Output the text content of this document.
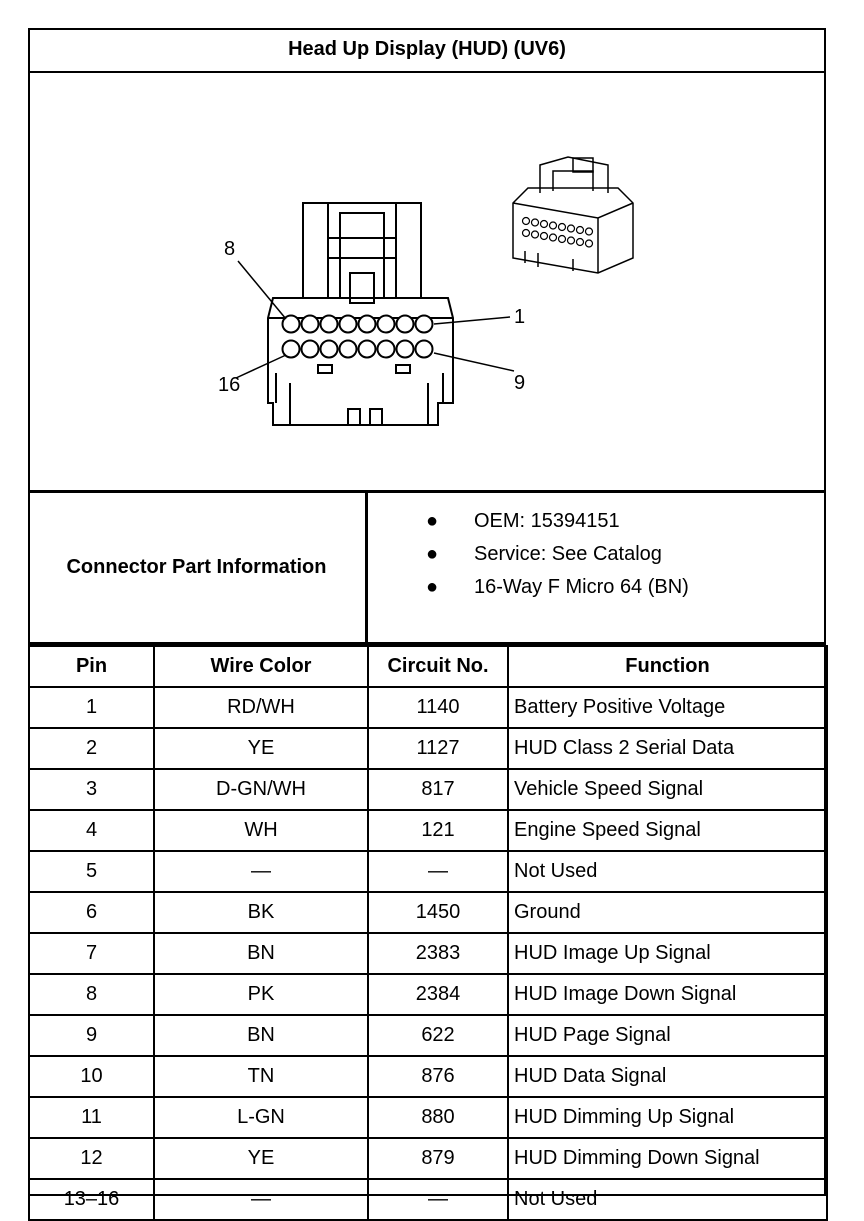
Head Up Display (HUD) (UV6)
8
1
16	9
Connector Part Information
● OEM: 15394151
● Service: See Catalog
● 16-Way F Micro 64 (BN)
Pin	Wire Color	Circuit No.	Function
1	RD/WH	1140	Battery Positive Voltage
2	YE	1127	HUD Class 2 Serial Data
3	D-GN/WH	817	Vehicle Speed Signal
4	WH	121	Engine Speed Signal
5	—	—	Not Used
6	BK	1450	Ground
7	BN	2383	HUD Image Up Signal
8	PK	2384	HUD Image Down Signal
9	BN	622	HUD Page Signal
10	TN	876	HUD Data Signal
11	L-GN	880	HUD Dimming Up Signal
12	YE	879	HUD Dimming Down Signal
13–16	—	—	Not Used
